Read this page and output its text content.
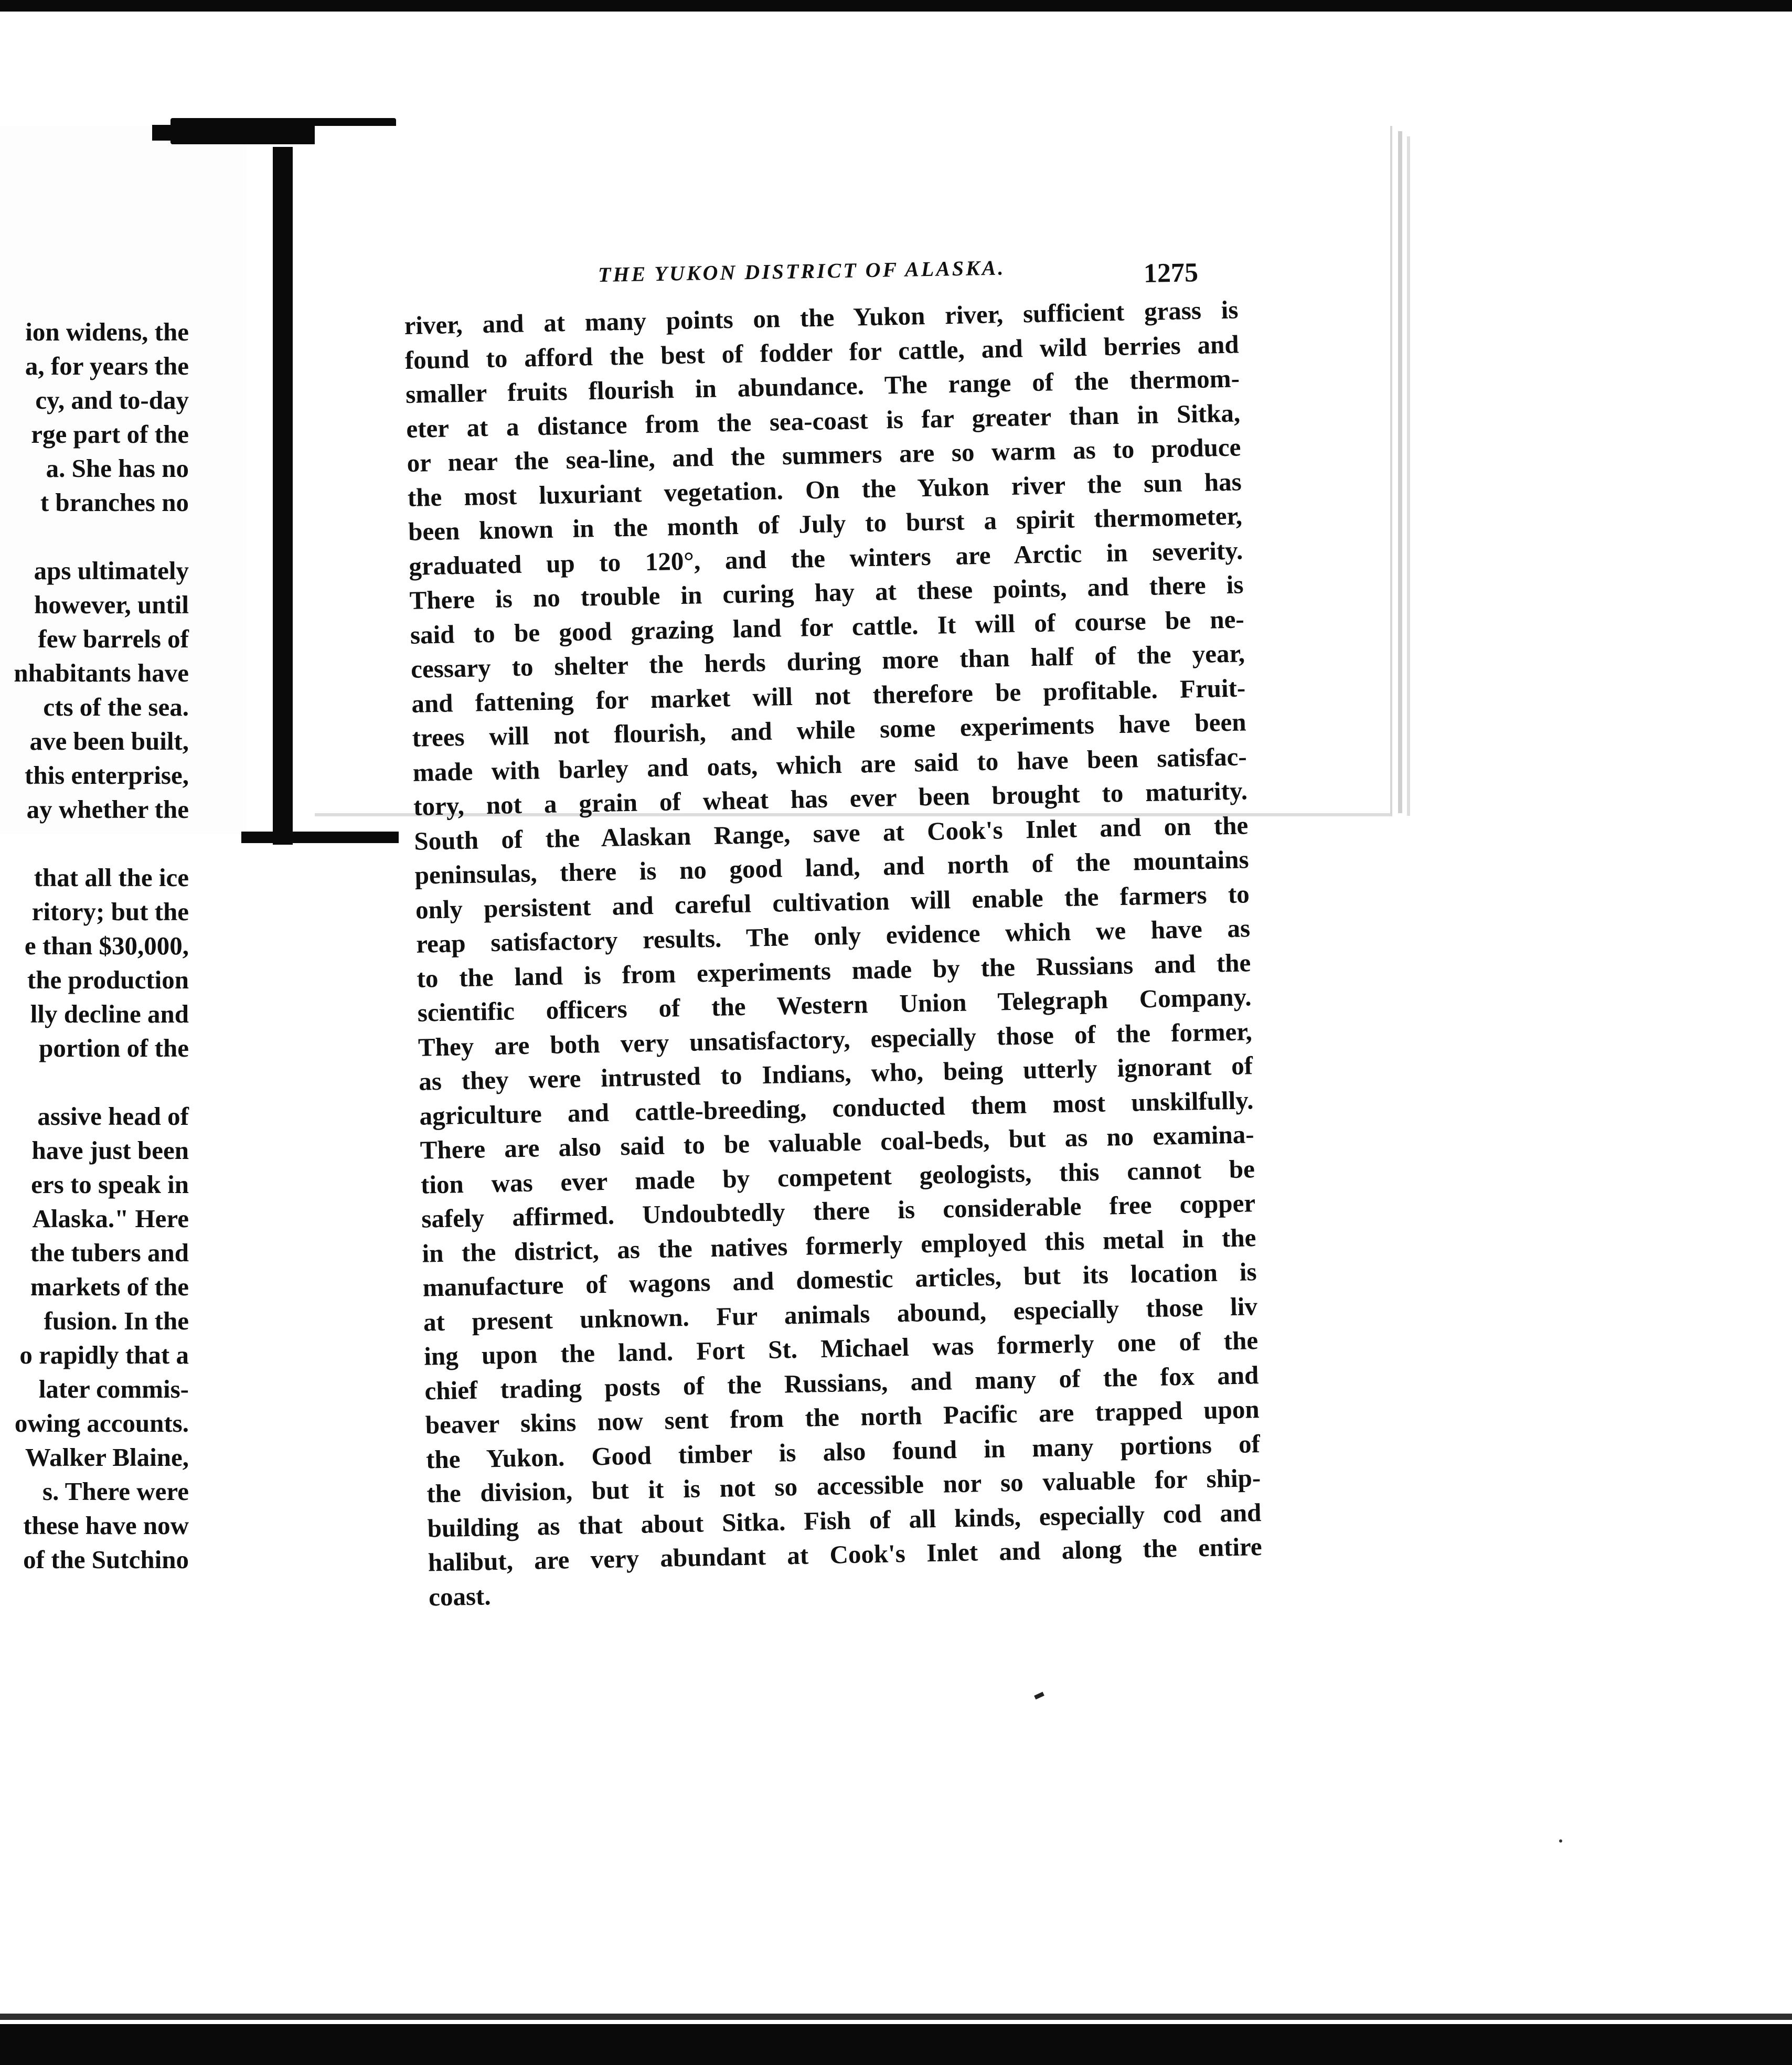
ion widens, the
a, for years the
cy, and to-day
rge part of the
a. She has no
t branches no
aps ultimately
however, until
few barrels of
nhabitants have
cts of the sea.
ave been built,
this enterprise,
ay whether the
that all the ice
ritory; but the
e than $30,000,
the production
lly decline and
portion of the
assive head of
have just been
ers to speak in
Alaska." Here
the tubers and
markets of the
fusion. In the
o rapidly that a
later commis-
owing accounts.
Walker Blaine,
s. There were
these have now
of the Sutchino
THE YUKON DISTRICT OF ALASKA.	1275
river, and at many points on the Yukon river, sufficient grass is
found to afford the best of fodder for cattle, and wild berries and
smaller fruits flourish in abundance. The range of the thermom-
eter at a distance from the sea-coast is far greater than in Sitka,
or near the sea-line, and the summers are so warm as to produce
the most luxuriant vegetation. On the Yukon river the sun has
been known in the month of July to burst a spirit thermometer,
graduated up to 120°, and the winters are Arctic in severity.
There is no trouble in curing hay at these points, and there is
said to be good grazing land for cattle. It will of course be ne-
cessary to shelter the herds during more than half of the year,
and fattening for market will not therefore be profitable. Fruit-
trees will not flourish, and while some experiments have been
made with barley and oats, which are said to have been satisfac-
tory, not a grain of wheat has ever been brought to maturity.
South of the Alaskan Range, save at Cook's Inlet and on the
peninsulas, there is no good land, and north of the mountains
only persistent and careful cultivation will enable the farmers to
reap satisfactory results. The only evidence which we have as
to the land is from experiments made by the Russians and the
scientific officers of the Western Union Telegraph Company.
They are both very unsatisfactory, especially those of the former,
as they were intrusted to Indians, who, being utterly ignorant of
agriculture and cattle-breeding, conducted them most unskilfully.
There are also said to be valuable coal-beds, but as no examina-
tion was ever made by competent geologists, this cannot be
safely affirmed. Undoubtedly there is considerable free copper
in the district, as the natives formerly employed this metal in the
manufacture of wagons and domestic articles, but its location is
at present unknown. Fur animals abound, especially those liv
ing upon the land. Fort St. Michael was formerly one of the
chief trading posts of the Russians, and many of the fox and
beaver skins now sent from the north Pacific are trapped upon
the Yukon. Good timber is also found in many portions of
the division, but it is not so accessible nor so valuable for ship-
building as that about Sitka. Fish of all kinds, especially cod and
halibut, are very abundant at Cook's Inlet and along the entire
coast.
